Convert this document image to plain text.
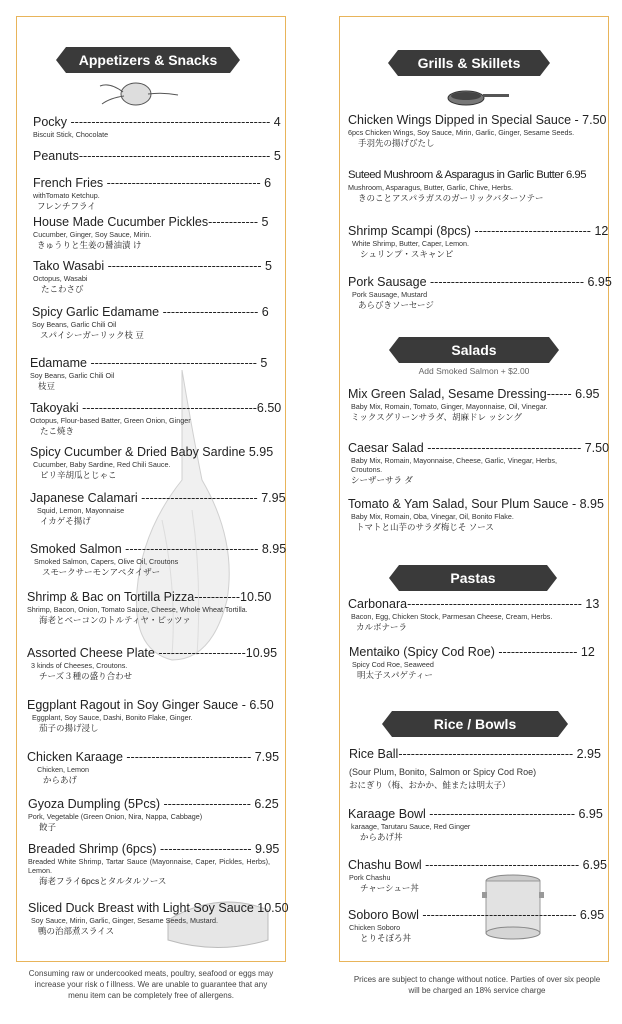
Appetizers & Snacks
Pocky ------------------------------------------------ 4
Biscuit Stick, Chocolate
Peanuts---------------------------------------------- 5
French Fries ------------------------------------- 6
withTomato Ketchup.
フレンチフライ
House Made Cucumber Pickles------------ 5
Cucumber, Ginger, Soy Sauce, Mirin.
きゅうりと生姜の醤油漬 け
Tako Wasabi ------------------------------------- 5
Octopus, Wasabi
たこわさび
Spicy Garlic Edamame ----------------------- 6
Soy Beans, Garlic Chili Oil
スパイシーガーリック枝 豆
Edamame ---------------------------------------- 5
Soy Beans, Garlic Chili Oil
枝豆
Takoyaki ------------------------------------------6.50
Octopus, Flour-based Batter, Green Onion, Ginger
たこ焼き
Spicy Cucumber & Dried Baby Sardine 5.95
Cucumber, Baby Sardine, Red Chili Sauce.
ピリ辛胡瓜とじゃこ
Japanese Calamari ---------------------------- 7.95
Squid, Lemon, Mayonnaise
イカゲそ揚げ
Smoked Salmon -------------------------------- 8.95
Smoked Salmon, Capers, Olive Oil, Croutons
スモークサーモンアペタイザー
Shrimp & Bac on Tortilla Pizza-----------10.50
Shrimp, Bacon, Onion, Tomato Sauce, Cheese, Whole Wheat Tortilla.
海老とベーコンのトルティヤ・ピッツァ
Assorted Cheese Plate ---------------------10.95
3 kinds of Cheeses, Croutons.
チーズ３種の盛り合わせ
Eggplant Ragout in Soy Ginger Sauce - 6.50
Eggplant, Soy Sauce, Dashi, Bonito Flake, Ginger.
茄子の揚げ浸し
Chicken Karaage ------------------------------ 7.95
Chicken, Lemon
からあげ
Gyoza Dumpling (5Pcs) --------------------- 6.25
Pork, Vegetable (Green Onion, Nira, Nappa, Cabbage)
餃子
Breaded Shrimp (6pcs) ---------------------- 9.95
Breaded White Shrimp, Tartar Sauce (Mayonnaise, Caper, Pickles, Herbs), Lemon.
海老フライ6pcsとタルタルソース
Sliced Duck Breast with Light Soy Sauce 10.50
Soy Sauce, Mirin, Garlic, Ginger, Sesame Seeds, Mustard.
鴨の治部煮スライス
Consuming raw or undercooked meats, poultry, seafood or eggs may increase your risk o f illness. We are unable to guarantee that any menu item can be completely free of allergens.
Grills & Skillets
Chicken Wings Dipped in Special Sauce - 7.50
6pcs Chicken Wings, Soy Sauce, Mirin, Garlic, Ginger, Sesame Seeds.
手羽先の揚げびたし
Suteed Mushroom & Asparagus in Garlic Butter 6.95
Mushroom, Asparagus, Butter, Garlic, Chive, Herbs.
きのことアスパラガスのガーリックバターソテー
Shrimp Scampi (8pcs) ---------------------------- 12
White Shrimp, Butter, Caper, Lemon.
シュリンプ・スキャンピ
Pork Sausage ------------------------------------- 6.95
Pork Sausage, Mustard
あらびきソーセージ
Salads
Add Smoked Salmon + $2.00
Mix Green Salad, Sesame Dressing------ 6.95
Baby Mix, Romain, Tomato, Ginger, Mayonnaise, Oil, Vinegar.
ミックスグリーンサラダ、胡麻ドレ ッシング
Caesar Salad ------------------------------------- 7.50
Baby Mix, Romain, Mayonnaise, Cheese, Garlic, Vinegar, Herbs, Croutons.
シーザーサラ ダ
Tomato & Yam Salad, Sour Plum Sauce - 8.95
Baby Mix, Romain, Oba, Vinegar, Oil, Bonito Flake.
トマトと山芋のサラダ梅じそ ソース
Pastas
Carbonara------------------------------------------ 13
Bacon, Egg, Chicken Stock, Parmesan Cheese, Cream, Herbs.
カルボナーラ
Mentaiko (Spicy Cod Roe) ------------------- 12
Spicy Cod Roe, Seaweed
明太子スパゲティー
Rice / Bowls
Rice Ball------------------------------------------ 2.95
(Sour Plum, Bonito, Salmon or Spicy Cod Roe)
おにぎり（梅、おかか、鮭または明太子）
Karaage Bowl ----------------------------------- 6.95
karaage, Tarutaru Sauce, Red Ginger
からあげ丼
Chashu Bowl ------------------------------------- 6.95
Pork Chashu
チャーシュー丼
Soboro Bowl ------------------------------------- 6.95
Chicken Soboro
とりそぼろ丼
Prices are subject to change without notice. Parties of over six people will be charged an 18% service charge
